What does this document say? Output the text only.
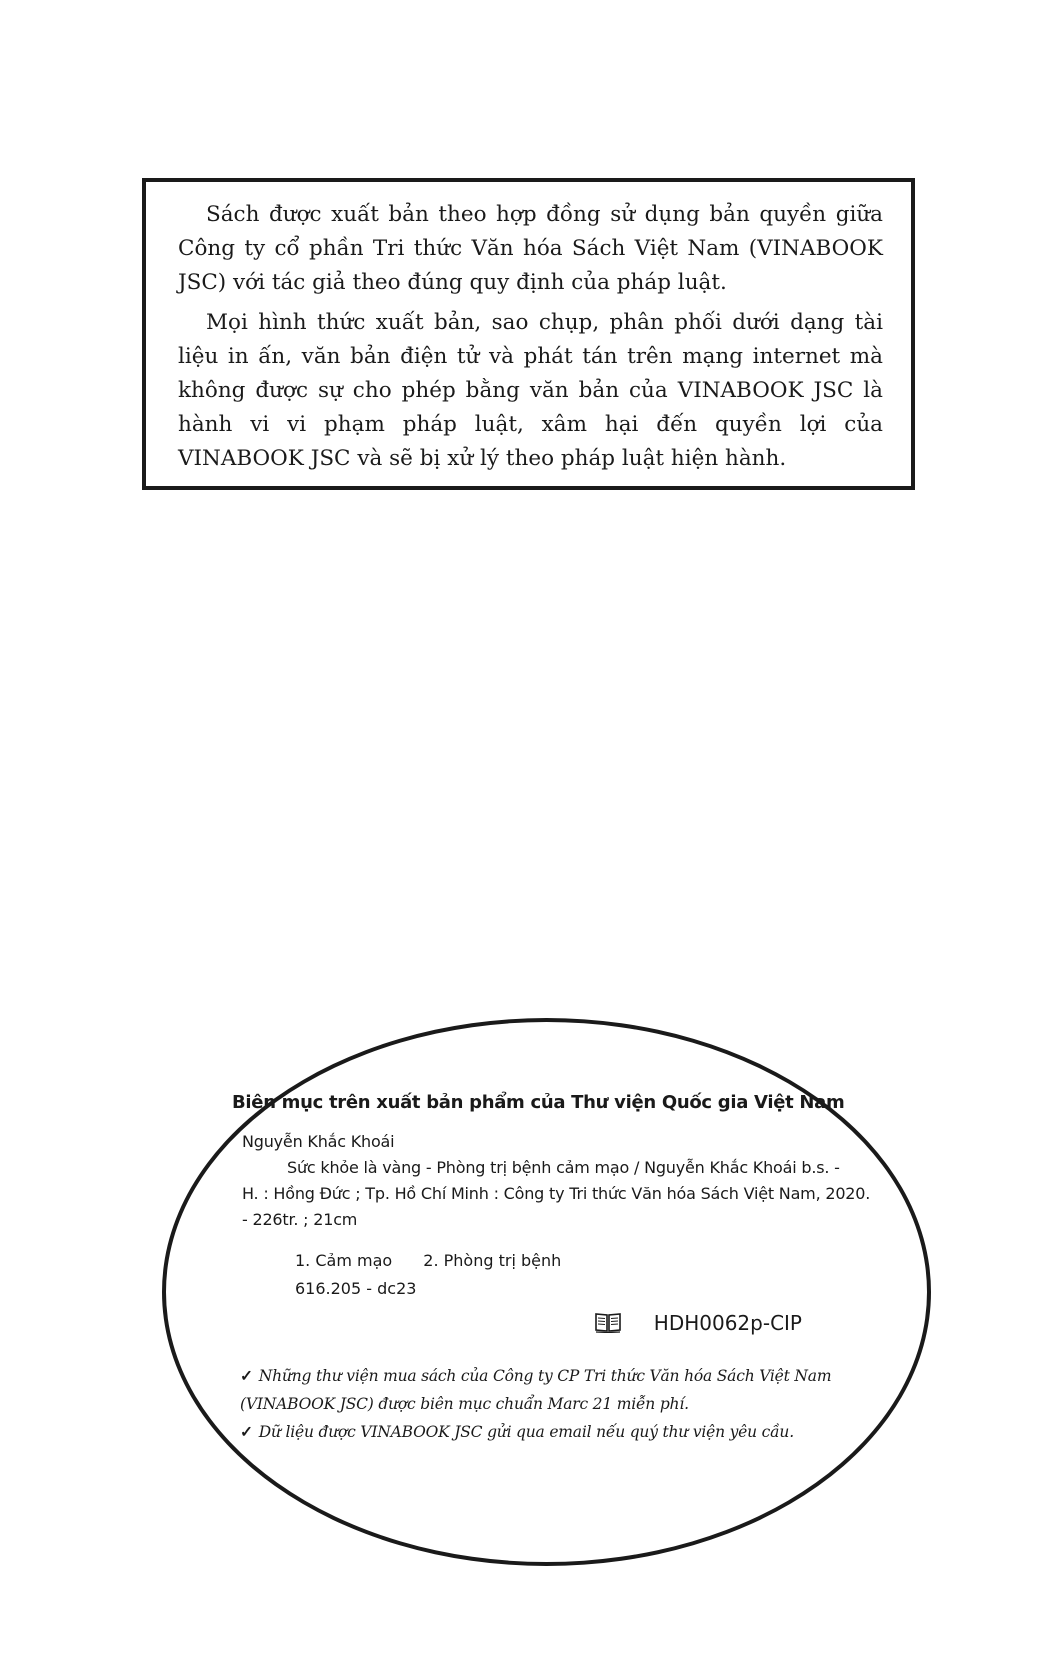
Sách được xuất bản theo hợp đồng sử dụng bản quyền giữa Công ty cổ phần Tri thức Văn hóa Sách Việt Nam (VINABOOK JSC) với tác giả theo đúng quy định của pháp luật.

Mọi hình thức xuất bản, sao chụp, phân phối dưới dạng tài liệu in ấn, văn bản điện tử và phát tán trên mạng internet mà không được sự cho phép bằng văn bản của VINABOOK JSC là hành vi vi phạm pháp luật, xâm hại đến quyền lợi của VINABOOK JSC và sẽ bị xử lý theo pháp luật hiện hành.

Biên mục trên xuất bản phẩm của Thư viện Quốc gia Việt Nam
Nguyễn Khắc Khoái
Sức khỏe là vàng - Phòng trị bệnh cảm mạo / Nguyễn Khắc Khoái b.s. -
H. : Hồng Đức ; Tp. Hồ Chí Minh : Công ty Tri thức Văn hóa Sách Việt Nam, 2020.
- 226tr. ; 21cm
1. Cảm mạo 2. Phòng trị bệnh
616.205 - dc23
HDH0062p-CIP
✓ Những thư viện mua sách của Công ty CP Tri thức Văn hóa Sách Việt Nam
(VINABOOK JSC) được biên mục chuẩn Marc 21 miễn phí.
✓ Dữ liệu được VINABOOK JSC gửi qua email nếu quý thư viện yêu cầu.
